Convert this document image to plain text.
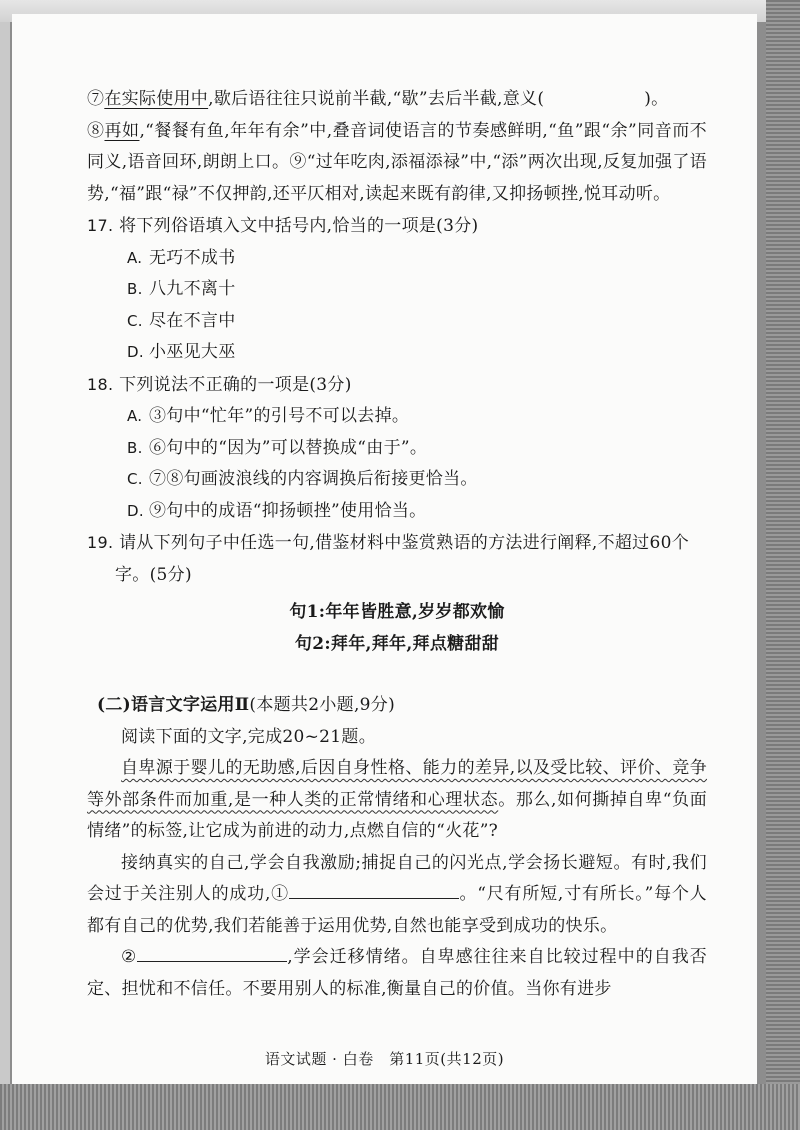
⑦在实际使用中,歇后语往往只说前半截,“歇”去后半截,意义(	)。
⑧再如,“餐餐有鱼,年年有余”中,叠音词使语言的节奏感鲜明,“鱼”跟“余”同音而不同义,语音回环,朗朗上口。⑨“过年吃肉,添福添禄”中,“添”两次出现,反复加强了语势,“福”跟“禄”不仅押韵,还平仄相对,读起来既有韵律,又抑扬顿挫,悦耳动听。

17. 将下列俗语填入文中括号内,恰当的一项是(3分)

A. 无巧不成书

B. 八九不离十

C. 尽在不言中

D. 小巫见大巫

18. 下列说法不正确的一项是(3分)

A. ③句中“忙年”的引号不可以去掉。

B. ⑥句中的“因为”可以替换成“由于”。

C. ⑦⑧句画波浪线的内容调换后衔接更恰当。

D. ⑨句中的成语“抑扬顿挫”使用恰当。

19. 请从下列句子中任选一句,借鉴材料中鉴赏熟语的方法进行阐释,不超过60个字。(5分)

句1:年年皆胜意,岁岁都欢愉

句2:拜年,拜年,拜点糖甜甜

(二)语言文字运用Ⅱ(本题共2小题,9分)

阅读下面的文字,完成20~21题。

自卑源于婴儿的无助感,后因自身性格、能力的差异,以及受比较、评价、竞争等外部条件而加重,是一种人类的正常情绪和心理状态。那么,如何撕掉自卑“负面情绪”的标签,让它成为前进的动力,点燃自信的“火花”?

接纳真实的自己,学会自我激励;捕捉自己的闪光点,学会扬长避短。有时,我们会过于关注别人的成功,①	。“尺有所短,寸有所长。”每个人都有自己的优势,我们若能善于运用优势,自然也能享受到成功的快乐。

②	,学会迁移情绪。自卑感往往来自比较过程中的自我否定、担忧和不信任。不要用别人的标准,衡量自己的价值。当你有进步

语文试题 · 白卷　第11页(共12页)
